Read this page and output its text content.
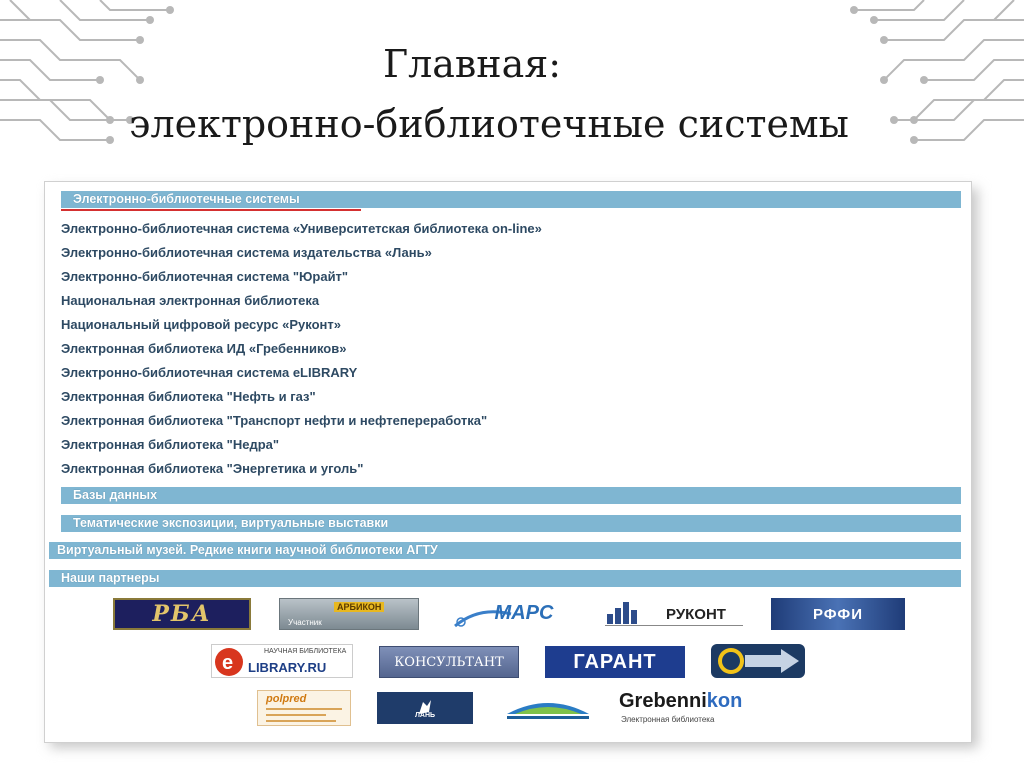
Главная:
электронно-библиотечные системы
Электронно-библиотечные системы
Электронно-библиотечная система «Университетская библиотека on-line»
Электронно-библиотечная система издательства «Лань»
Электронно-библиотечная система "Юрайт"
Национальная электронная библиотека
Национальный цифровой ресурс «Руконт»
Электронная библиотека ИД «Гребенников»
Электронно-библиотечная система eLIBRARY
Электронная библиотека "Нефть и газ"
Электронная библиотека "Транспорт нефти и нефтепереработка"
Электронная библиотека "Недра"
Электронная библиотека "Энергетика и уголь"
Базы данных
Тематические экспозиции, виртуальные выставки
Виртуальный музей. Редкие книги научной библиотеки АГТУ
Наши партнеры
РБА	АРБИКОН
Участник	МАРС	РУКОНТ	РФФИ
e
НАУЧНАЯ БИБЛИОТЕКА
LIBRARY.RU	КОНСУЛЬТАНТ	ГАРАНТ
polpred
ЛАНЬ
Grebennikon
Электронная библиотека
